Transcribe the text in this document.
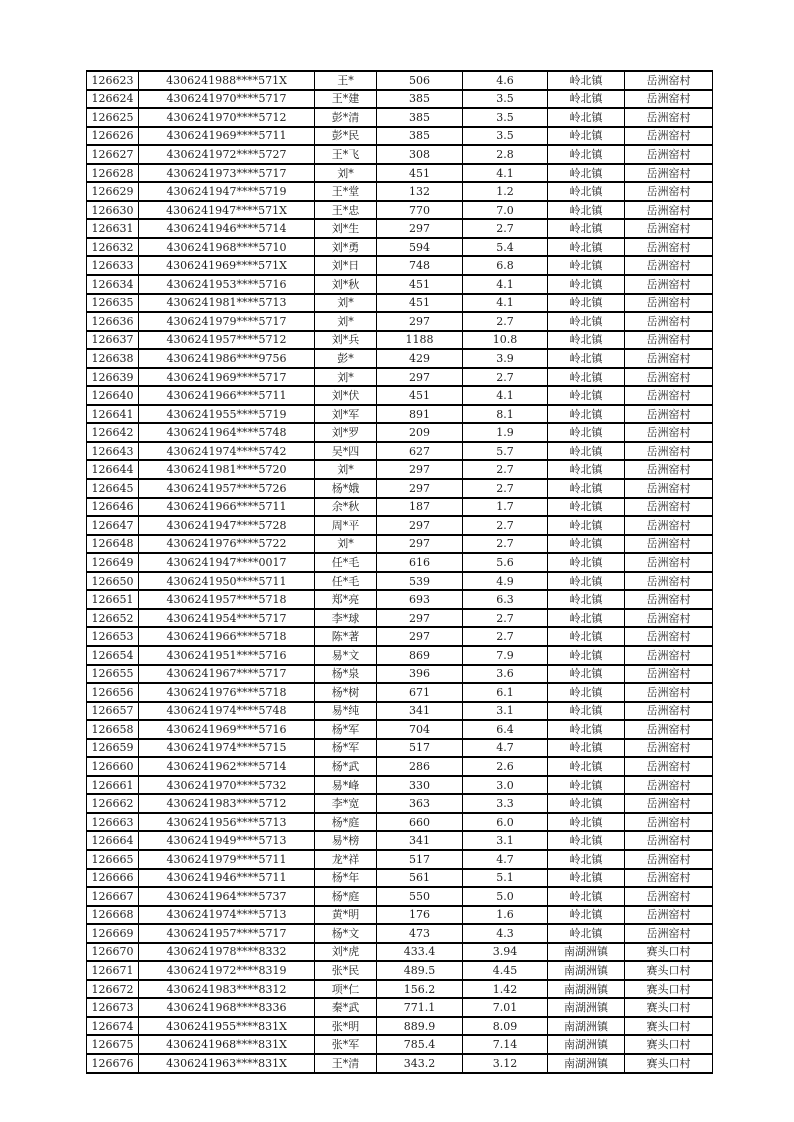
126623	4306241988****571X	王*	506	4.6	岭北镇	岳洲窑村
126624	4306241970****5717	王*建	385	3.5	岭北镇	岳洲窑村
126625	4306241970****5712	彭*清	385	3.5	岭北镇	岳洲窑村
126626	4306241969****5711	彭*民	385	3.5	岭北镇	岳洲窑村
126627	4306241972****5727	王*飞	308	2.8	岭北镇	岳洲窑村
126628	4306241973****5717	刘*	451	4.1	岭北镇	岳洲窑村
126629	4306241947****5719	王*堂	132	1.2	岭北镇	岳洲窑村
126630	4306241947****571X	王*忠	770	7.0	岭北镇	岳洲窑村
126631	4306241946****5714	刘*生	297	2.7	岭北镇	岳洲窑村
126632	4306241968****5710	刘*勇	594	5.4	岭北镇	岳洲窑村
126633	4306241969****571X	刘*日	748	6.8	岭北镇	岳洲窑村
126634	4306241953****5716	刘*秋	451	4.1	岭北镇	岳洲窑村
126635	4306241981****5713	刘*	451	4.1	岭北镇	岳洲窑村
126636	4306241979****5717	刘*	297	2.7	岭北镇	岳洲窑村
126637	4306241957****5712	刘*兵	1188	10.8	岭北镇	岳洲窑村
126638	4306241986****9756	彭*	429	3.9	岭北镇	岳洲窑村
126639	4306241969****5717	刘*	297	2.7	岭北镇	岳洲窑村
126640	4306241966****5711	刘*伏	451	4.1	岭北镇	岳洲窑村
126641	4306241955****5719	刘*军	891	8.1	岭北镇	岳洲窑村
126642	4306241964****5748	刘*罗	209	1.9	岭北镇	岳洲窑村
126643	4306241974****5742	吴*四	627	5.7	岭北镇	岳洲窑村
126644	4306241981****5720	刘*	297	2.7	岭北镇	岳洲窑村
126645	4306241957****5726	杨*娥	297	2.7	岭北镇	岳洲窑村
126646	4306241966****5711	余*秋	187	1.7	岭北镇	岳洲窑村
126647	4306241947****5728	周*平	297	2.7	岭北镇	岳洲窑村
126648	4306241976****5722	刘*	297	2.7	岭北镇	岳洲窑村
126649	4306241947****0017	任*毛	616	5.6	岭北镇	岳洲窑村
126650	4306241950****5711	任*毛	539	4.9	岭北镇	岳洲窑村
126651	4306241957****5718	郑*亮	693	6.3	岭北镇	岳洲窑村
126652	4306241954****5717	李*球	297	2.7	岭北镇	岳洲窑村
126653	4306241966****5718	陈*著	297	2.7	岭北镇	岳洲窑村
126654	4306241951****5716	易*文	869	7.9	岭北镇	岳洲窑村
126655	4306241967****5717	杨*泉	396	3.6	岭北镇	岳洲窑村
126656	4306241976****5718	杨*树	671	6.1	岭北镇	岳洲窑村
126657	4306241974****5748	易*纯	341	3.1	岭北镇	岳洲窑村
126658	4306241969****5716	杨*军	704	6.4	岭北镇	岳洲窑村
126659	4306241974****5715	杨*军	517	4.7	岭北镇	岳洲窑村
126660	4306241962****5714	杨*武	286	2.6	岭北镇	岳洲窑村
126661	4306241970****5732	易*峰	330	3.0	岭北镇	岳洲窑村
126662	4306241983****5712	李*宽	363	3.3	岭北镇	岳洲窑村
126663	4306241956****5713	杨*庭	660	6.0	岭北镇	岳洲窑村
126664	4306241949****5713	易*榜	341	3.1	岭北镇	岳洲窑村
126665	4306241979****5711	龙*祥	517	4.7	岭北镇	岳洲窑村
126666	4306241946****5711	杨*年	561	5.1	岭北镇	岳洲窑村
126667	4306241964****5737	杨*庭	550	5.0	岭北镇	岳洲窑村
126668	4306241974****5713	黄*明	176	1.6	岭北镇	岳洲窑村
126669	4306241957****5717	杨*文	473	4.3	岭北镇	岳洲窑村
126670	4306241978****8332	刘*虎	433.4	3.94	南湖洲镇	赛头口村
126671	4306241972****8319	张*民	489.5	4.45	南湖洲镇	赛头口村
126672	4306241983****8312	项*仁	156.2	1.42	南湖洲镇	赛头口村
126673	4306241968****8336	秦*武	771.1	7.01	南湖洲镇	赛头口村
126674	4306241955****831X	张*明	889.9	8.09	南湖洲镇	赛头口村
126675	4306241968****831X	张*军	785.4	7.14	南湖洲镇	赛头口村
126676	4306241963****831X	王*清	343.2	3.12	南湖洲镇	赛头口村
